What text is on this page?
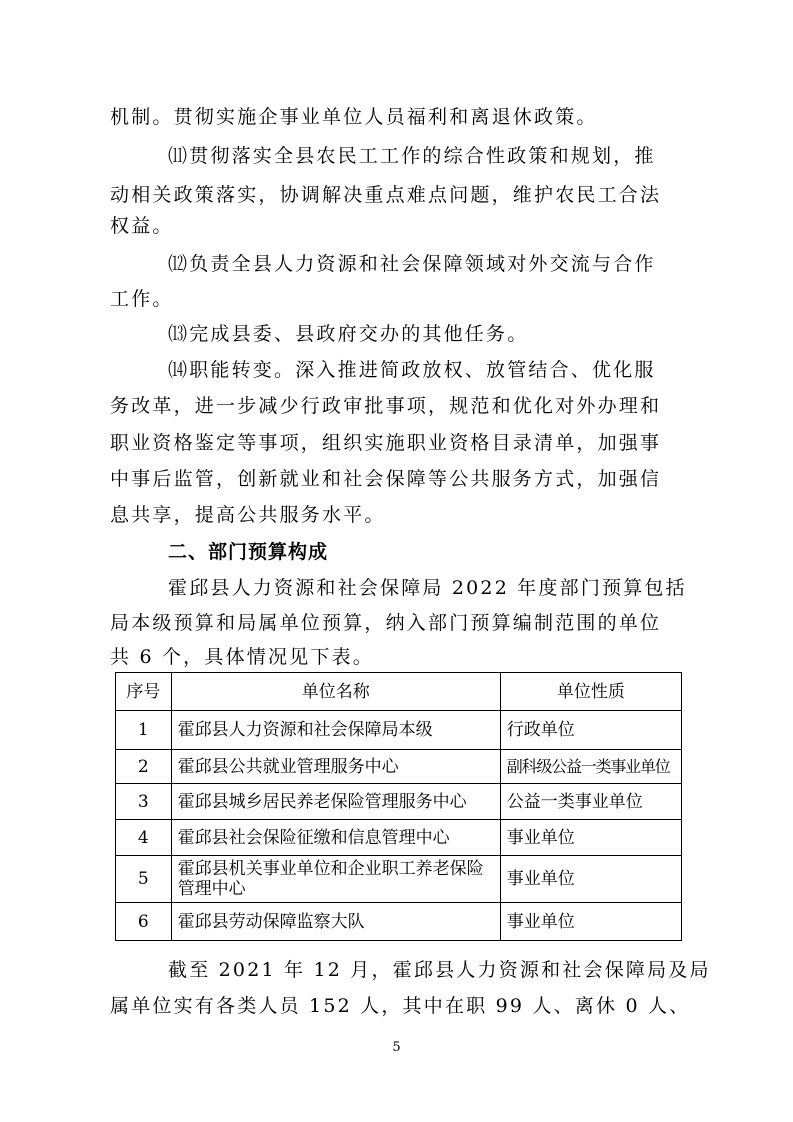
机制。贯彻实施企事业单位人员福利和离退休政策。
⑾贯彻落实全县农民工工作的综合性政策和规划，推
动相关政策落实，协调解决重点难点问题，维护农民工合法
权益。
⑿负责全县人力资源和社会保障领域对外交流与合作
工作。
⒀完成县委、县政府交办的其他任务。
⒁职能转变。深入推进简政放权、放管结合、优化服
务改革，进一步减少行政审批事项，规范和优化对外办理和
职业资格鉴定等事项，组织实施职业资格目录清单，加强事
中事后监管，创新就业和社会保障等公共服务方式，加强信
息共享，提高公共服务水平。
二、部门预算构成
霍邱县人力资源和社会保障局 2022 年度部门预算包括
局本级预算和局属单位预算，纳入部门预算编制范围的单位
共 6 个，具体情况见下表。
序号	单位名称	单位性质
1	霍邱县人力资源和社会保障局本级	行政单位
2	霍邱县公共就业管理服务中心	副科级公益一类事业单位
3	霍邱县城乡居民养老保险管理服务中心	公益一类事业单位
4	霍邱县社会保险征缴和信息管理中心	事业单位
5	霍邱县机关事业单位和企业职工养老保险管理中心	事业单位
6	霍邱县劳动保障监察大队	事业单位
截至 2021 年 12 月，霍邱县人力资源和社会保障局及局
属单位实有各类人员 152 人，其中在职 99 人、离休 0 人、
5
